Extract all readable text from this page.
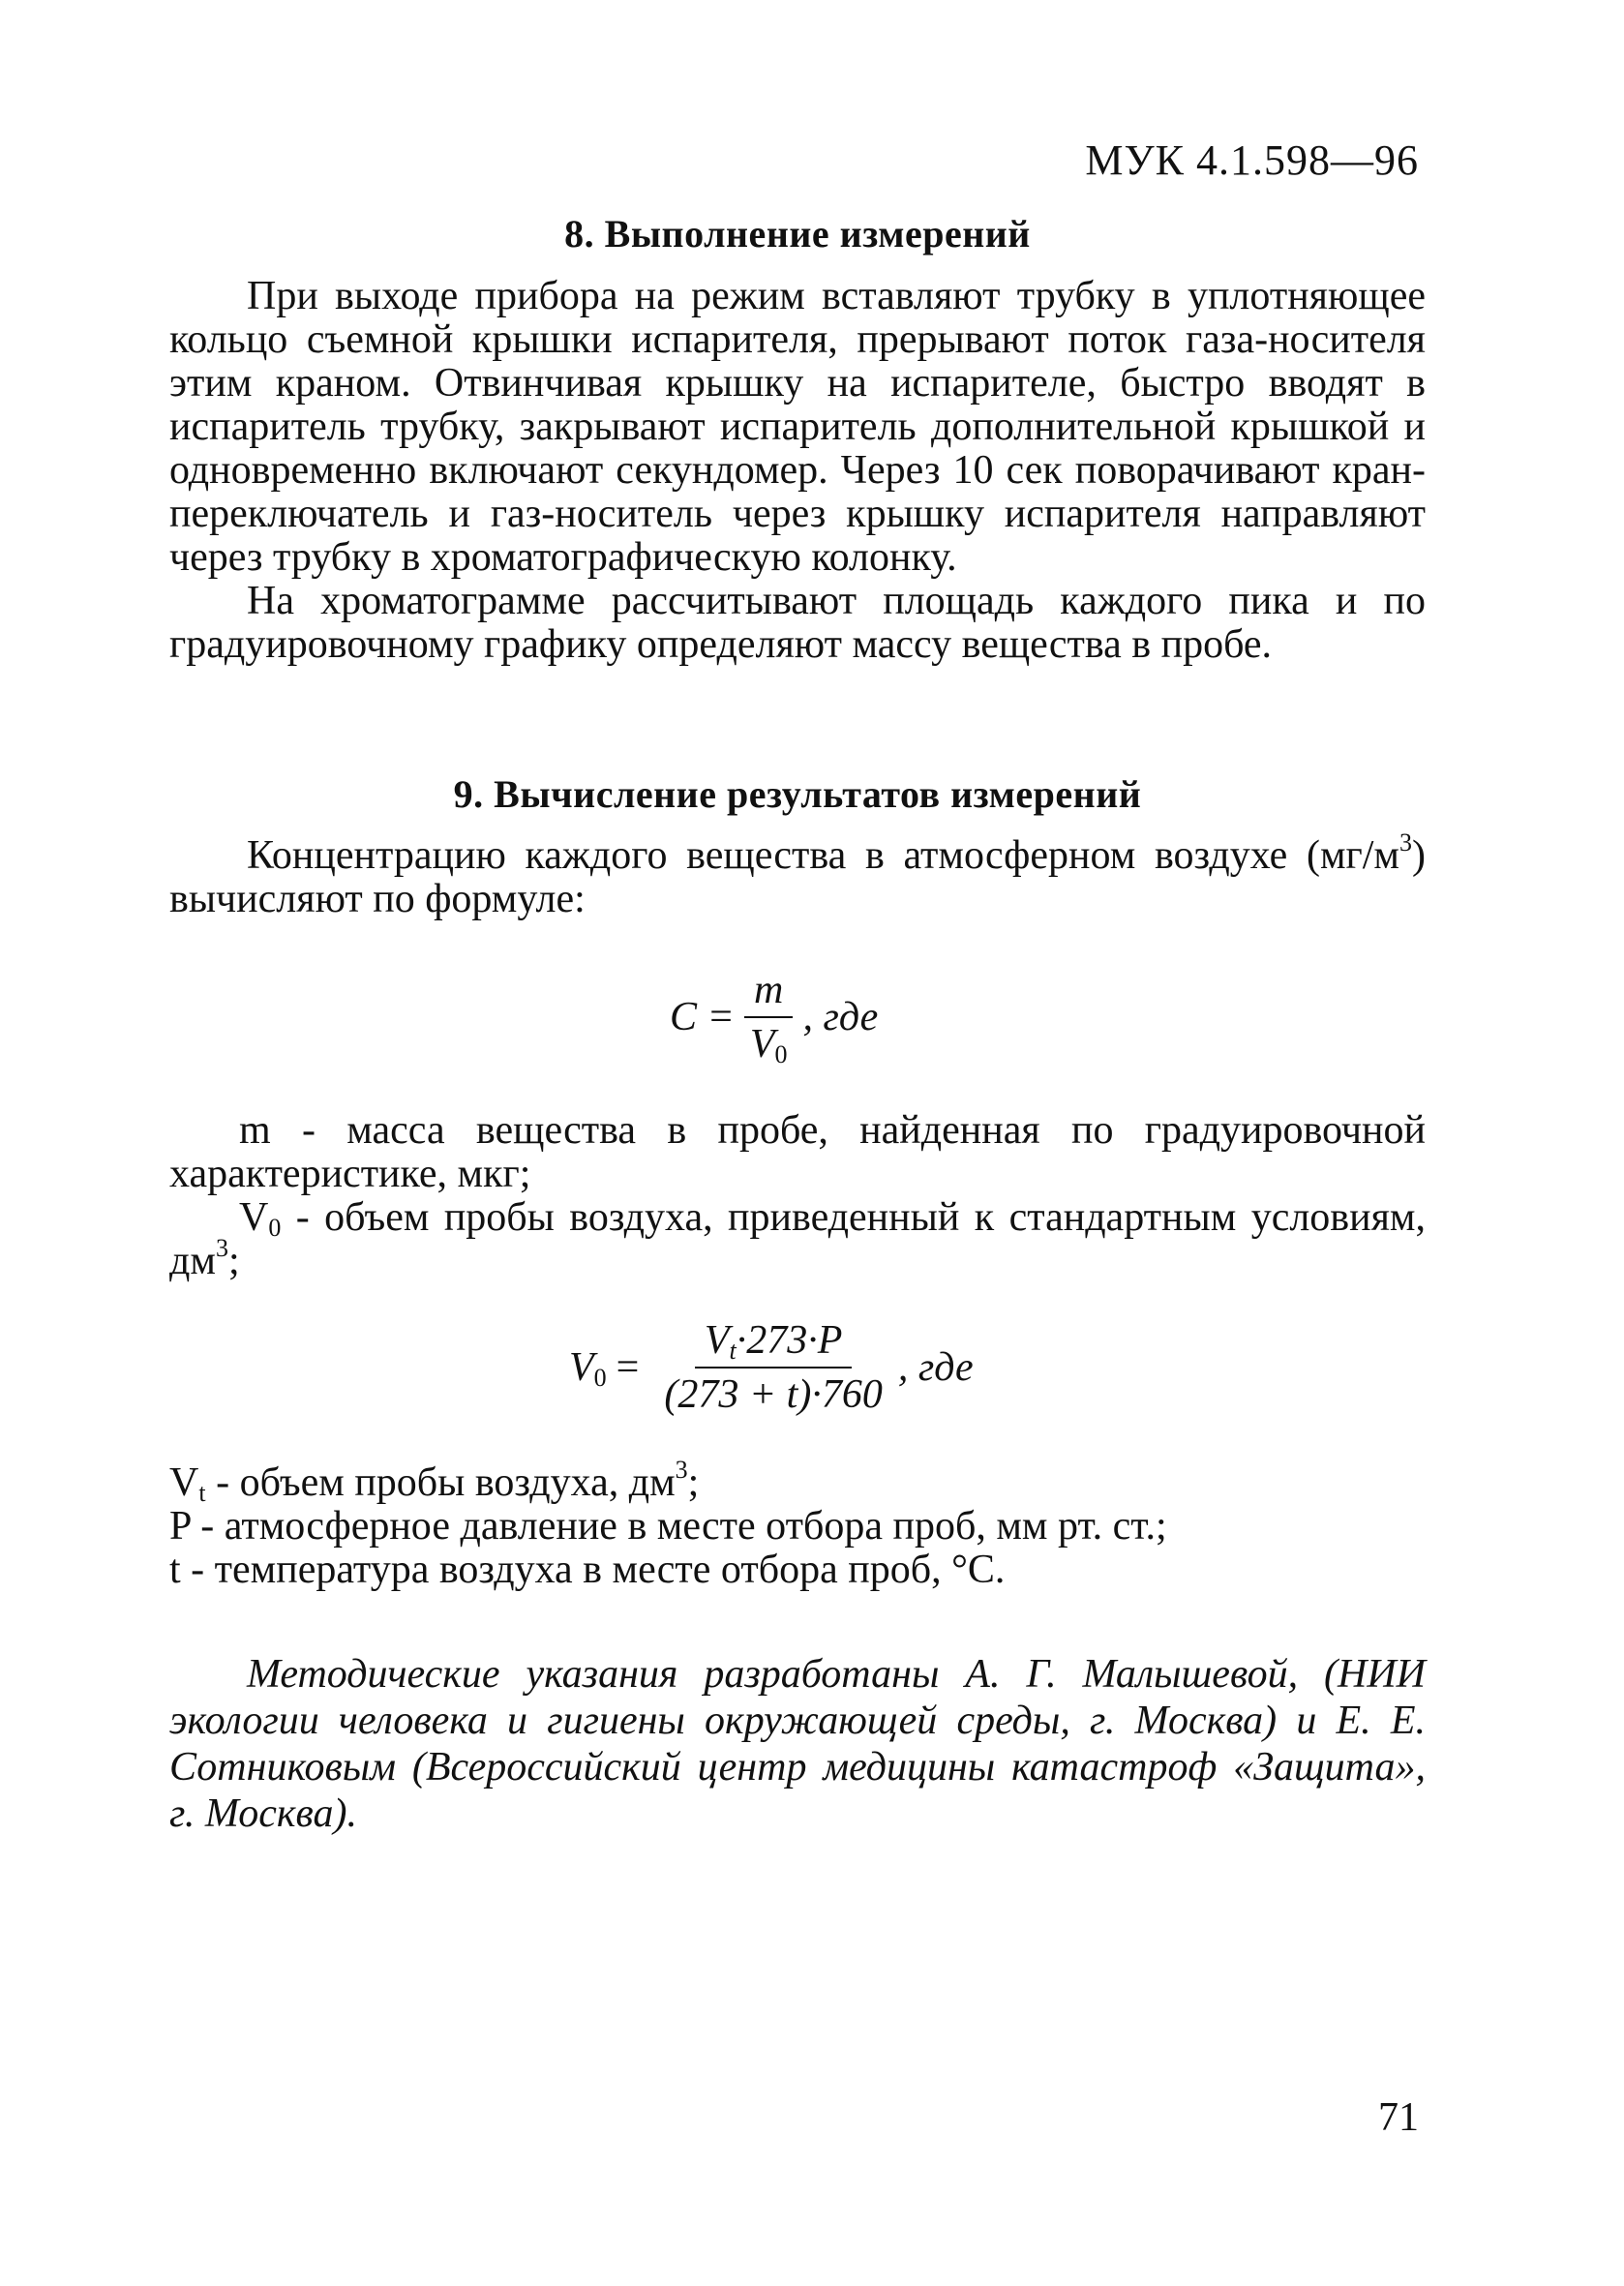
МУК 4.1.598—96
8. Выполнение измерений

При выходе прибора на режим вставляют трубку в уплотняющее кольцо съемной крышки испарителя, прерывают поток газа-носителя этим краном. Отвинчивая крышку на испарителе, быстро вводят в испаритель трубку, закрывают испаритель дополнительной крышкой и одновременно включают секундомер. Через 10 сек поворачивают кран-переключатель и газ-носитель через крышку испарителя направляют через трубку в хроматографическую колонку.

На хроматограмме рассчитывают площадь каждого пика и по градуировочному графику определяют массу вещества в пробе.

9. Вычисление результатов измерений

Концентрацию каждого вещества в атмосферном воздухе $(мг/м^3)$ вычисляют по формуле:

$C = \frac{m}{V_0}$ , где

m - масса вещества в пробе, найденная по градуировочной характеристике, мкг;

$V_0$ - объем пробы воздуха, приведенный к стандартным условиям, $дм^3$;

$V_0 = \frac{V_t\cdot 273\cdot P}{(273 + t)\cdot 760}$ , где

$V_t$ - объем пробы воздуха, $дм^3$;

P - атмосферное давление в месте отбора проб, мм рт. ст.;

t - температура воздуха в месте отбора проб, °C.

Методические указания разработаны А. Г. Малышевой, (НИИ экологии человека и гигиены окружающей среды, г. Москва) и Е. Е. Сотниковым (Всероссийский центр медицины катастроф «Защита», г. Москва).

71
